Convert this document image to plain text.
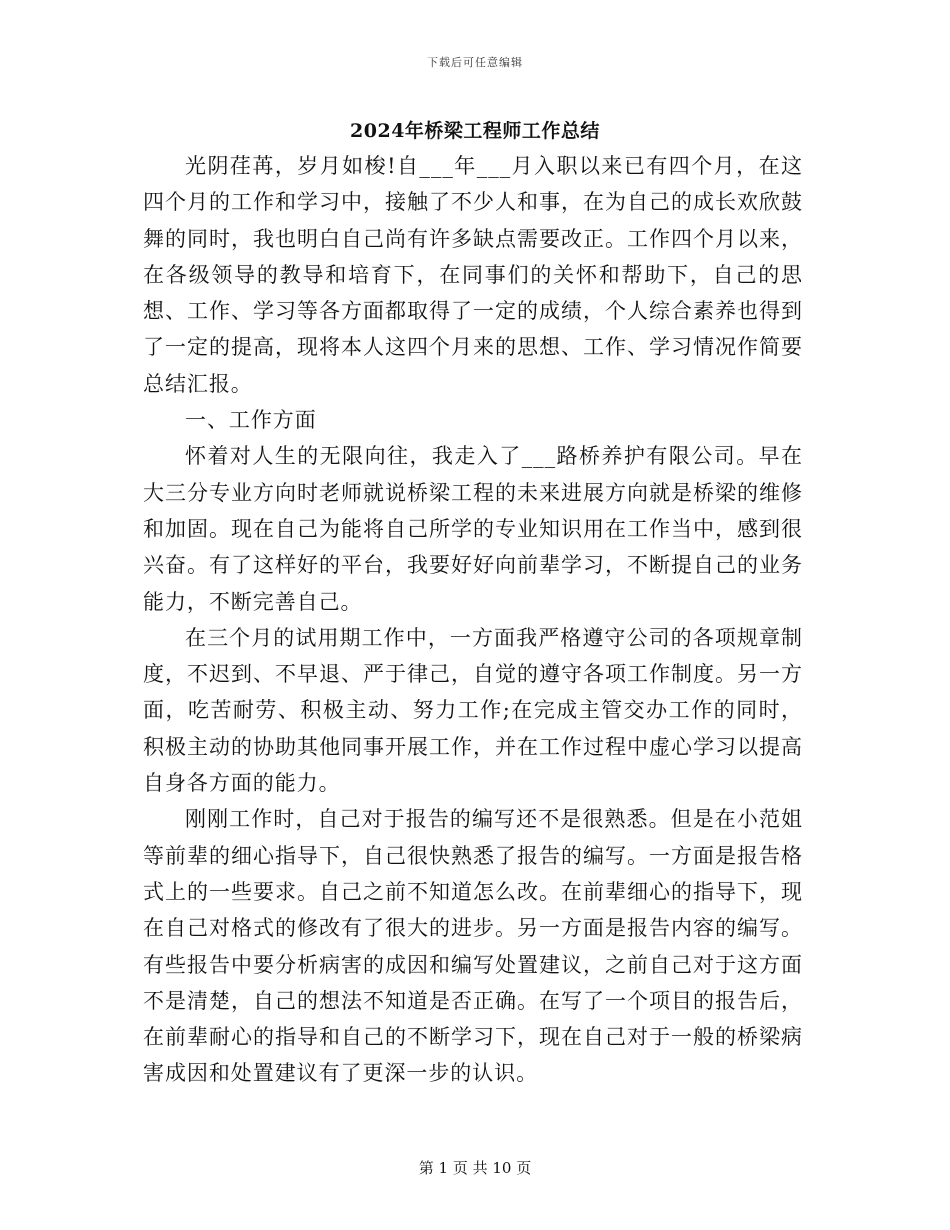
下载后可任意编辑
2024年桥梁工程师工作总结

光阴荏苒，岁月如梭!自___年___月入职以来已有四个月，在这四个月的工作和学习中，接触了不少人和事，在为自己的成长欢欣鼓舞的同时，我也明白自己尚有许多缺点需要改正。工作四个月以来，在各级领导的教导和培育下，在同事们的关怀和帮助下，自己的思想、工作、学习等各方面都取得了一定的成绩，个人综合素养也得到了一定的提高，现将本人这四个月来的思想、工作、学习情况作简要总结汇报。

一、工作方面

怀着对人生的无限向往，我走入了___路桥养护有限公司。早在大三分专业方向时老师就说桥梁工程的未来进展方向就是桥梁的维修和加固。现在自己为能将自己所学的专业知识用在工作当中，感到很兴奋。有了这样好的平台，我要好好向前辈学习，不断提自己的业务能力，不断完善自己。

在三个月的试用期工作中，一方面我严格遵守公司的各项规章制度，不迟到、不早退、严于律己，自觉的遵守各项工作制度。另一方面，吃苦耐劳、积极主动、努力工作;在完成主管交办工作的同时，积极主动的协助其他同事开展工作，并在工作过程中虚心学习以提高自身各方面的能力。

刚刚工作时，自己对于报告的编写还不是很熟悉。但是在小范姐等前辈的细心指导下，自己很快熟悉了报告的编写。一方面是报告格式上的一些要求。自己之前不知道怎么改。在前辈细心的指导下，现在自己对格式的修改有了很大的进步。另一方面是报告内容的编写。有些报告中要分析病害的成因和编写处置建议，之前自己对于这方面不是清楚，自己的想法不知道是否正确。在写了一个项目的报告后，在前辈耐心的指导和自己的不断学习下，现在自己对于一般的桥梁病害成因和处置建议有了更深一步的认识。

第 1 页 共 10 页
